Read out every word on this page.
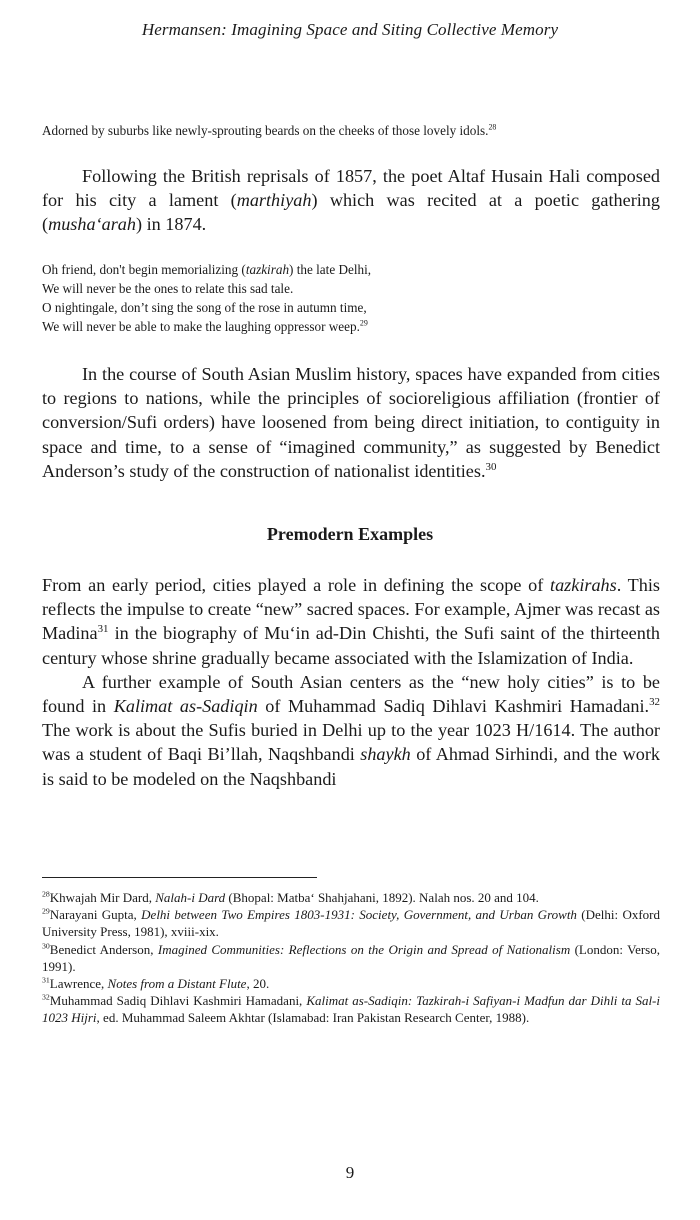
Hermansen: Imagining Space and Siting Collective Memory
Adorned by suburbs like newly-sprouting beards on the cheeks of those lovely idols.$^{28}$

Following the British reprisals of 1857, the poet Altaf Husain Hali composed for his city a lament (marthiyah) which was recited at a poetic gathering (musha‘arah) in 1874.

Oh friend, don't begin memorializing (tazkirah) the late Delhi,
We will never be the ones to relate this sad tale.
O nightingale, don’t sing the song of the rose in autumn time,
We will never be able to make the laughing oppressor weep.$^{29}$

In the course of South Asian Muslim history, spaces have expanded from cities to regions to nations, while the principles of socioreligious affiliation (frontier of conversion/Sufi orders) have loosened from being direct initiation, to contiguity in space and time, to a sense of “imagined community,” as suggested by Benedict Anderson’s study of the construction of nationalist identities.$^{30}$

Premodern Examples

From an early period, cities played a role in defining the scope of tazkirahs. This reflects the impulse to create “new” sacred spaces. For example, Ajmer was recast as Madina$^{31}$ in the biography of Mu‘in ad-Din Chishti, the Sufi saint of the thirteenth century whose shrine gradually became associated with the Islamization of India.

A further example of South Asian centers as the “new holy cities” is to be found in Kalimat as-Sadiqin of Muhammad Sadiq Dihlavi Kashmiri Hamadani.$^{32}$ The work is about the Sufis buried in Delhi up to the year 1023 H/1614. The author was a student of Baqi Bi’llah, Naqshbandi shaykh of Ahmad Sirhindi, and the work is said to be modeled on the Naqshbandi

$^{28}$Khwajah Mir Dard, Nalah-i Dard (Bhopal: Matba‘ Shahjahani, 1892). Nalah nos. 20 and 104.

$^{29}$Narayani Gupta, Delhi between Two Empires 1803-1931: Society, Government, and Urban Growth (Delhi: Oxford University Press, 1981), xviii-xix.

$^{30}$Benedict Anderson, Imagined Communities: Reflections on the Origin and Spread of Nationalism (London: Verso, 1991).

$^{31}$Lawrence, Notes from a Distant Flute, 20.

$^{32}$Muhammad Sadiq Dihlavi Kashmiri Hamadani, Kalimat as-Sadiqin: Tazkirah-i Safiyan-i Madfun dar Dihli ta Sal-i 1023 Hijri, ed. Muhammad Saleem Akhtar (Islamabad: Iran Pakistan Research Center, 1988).

9
